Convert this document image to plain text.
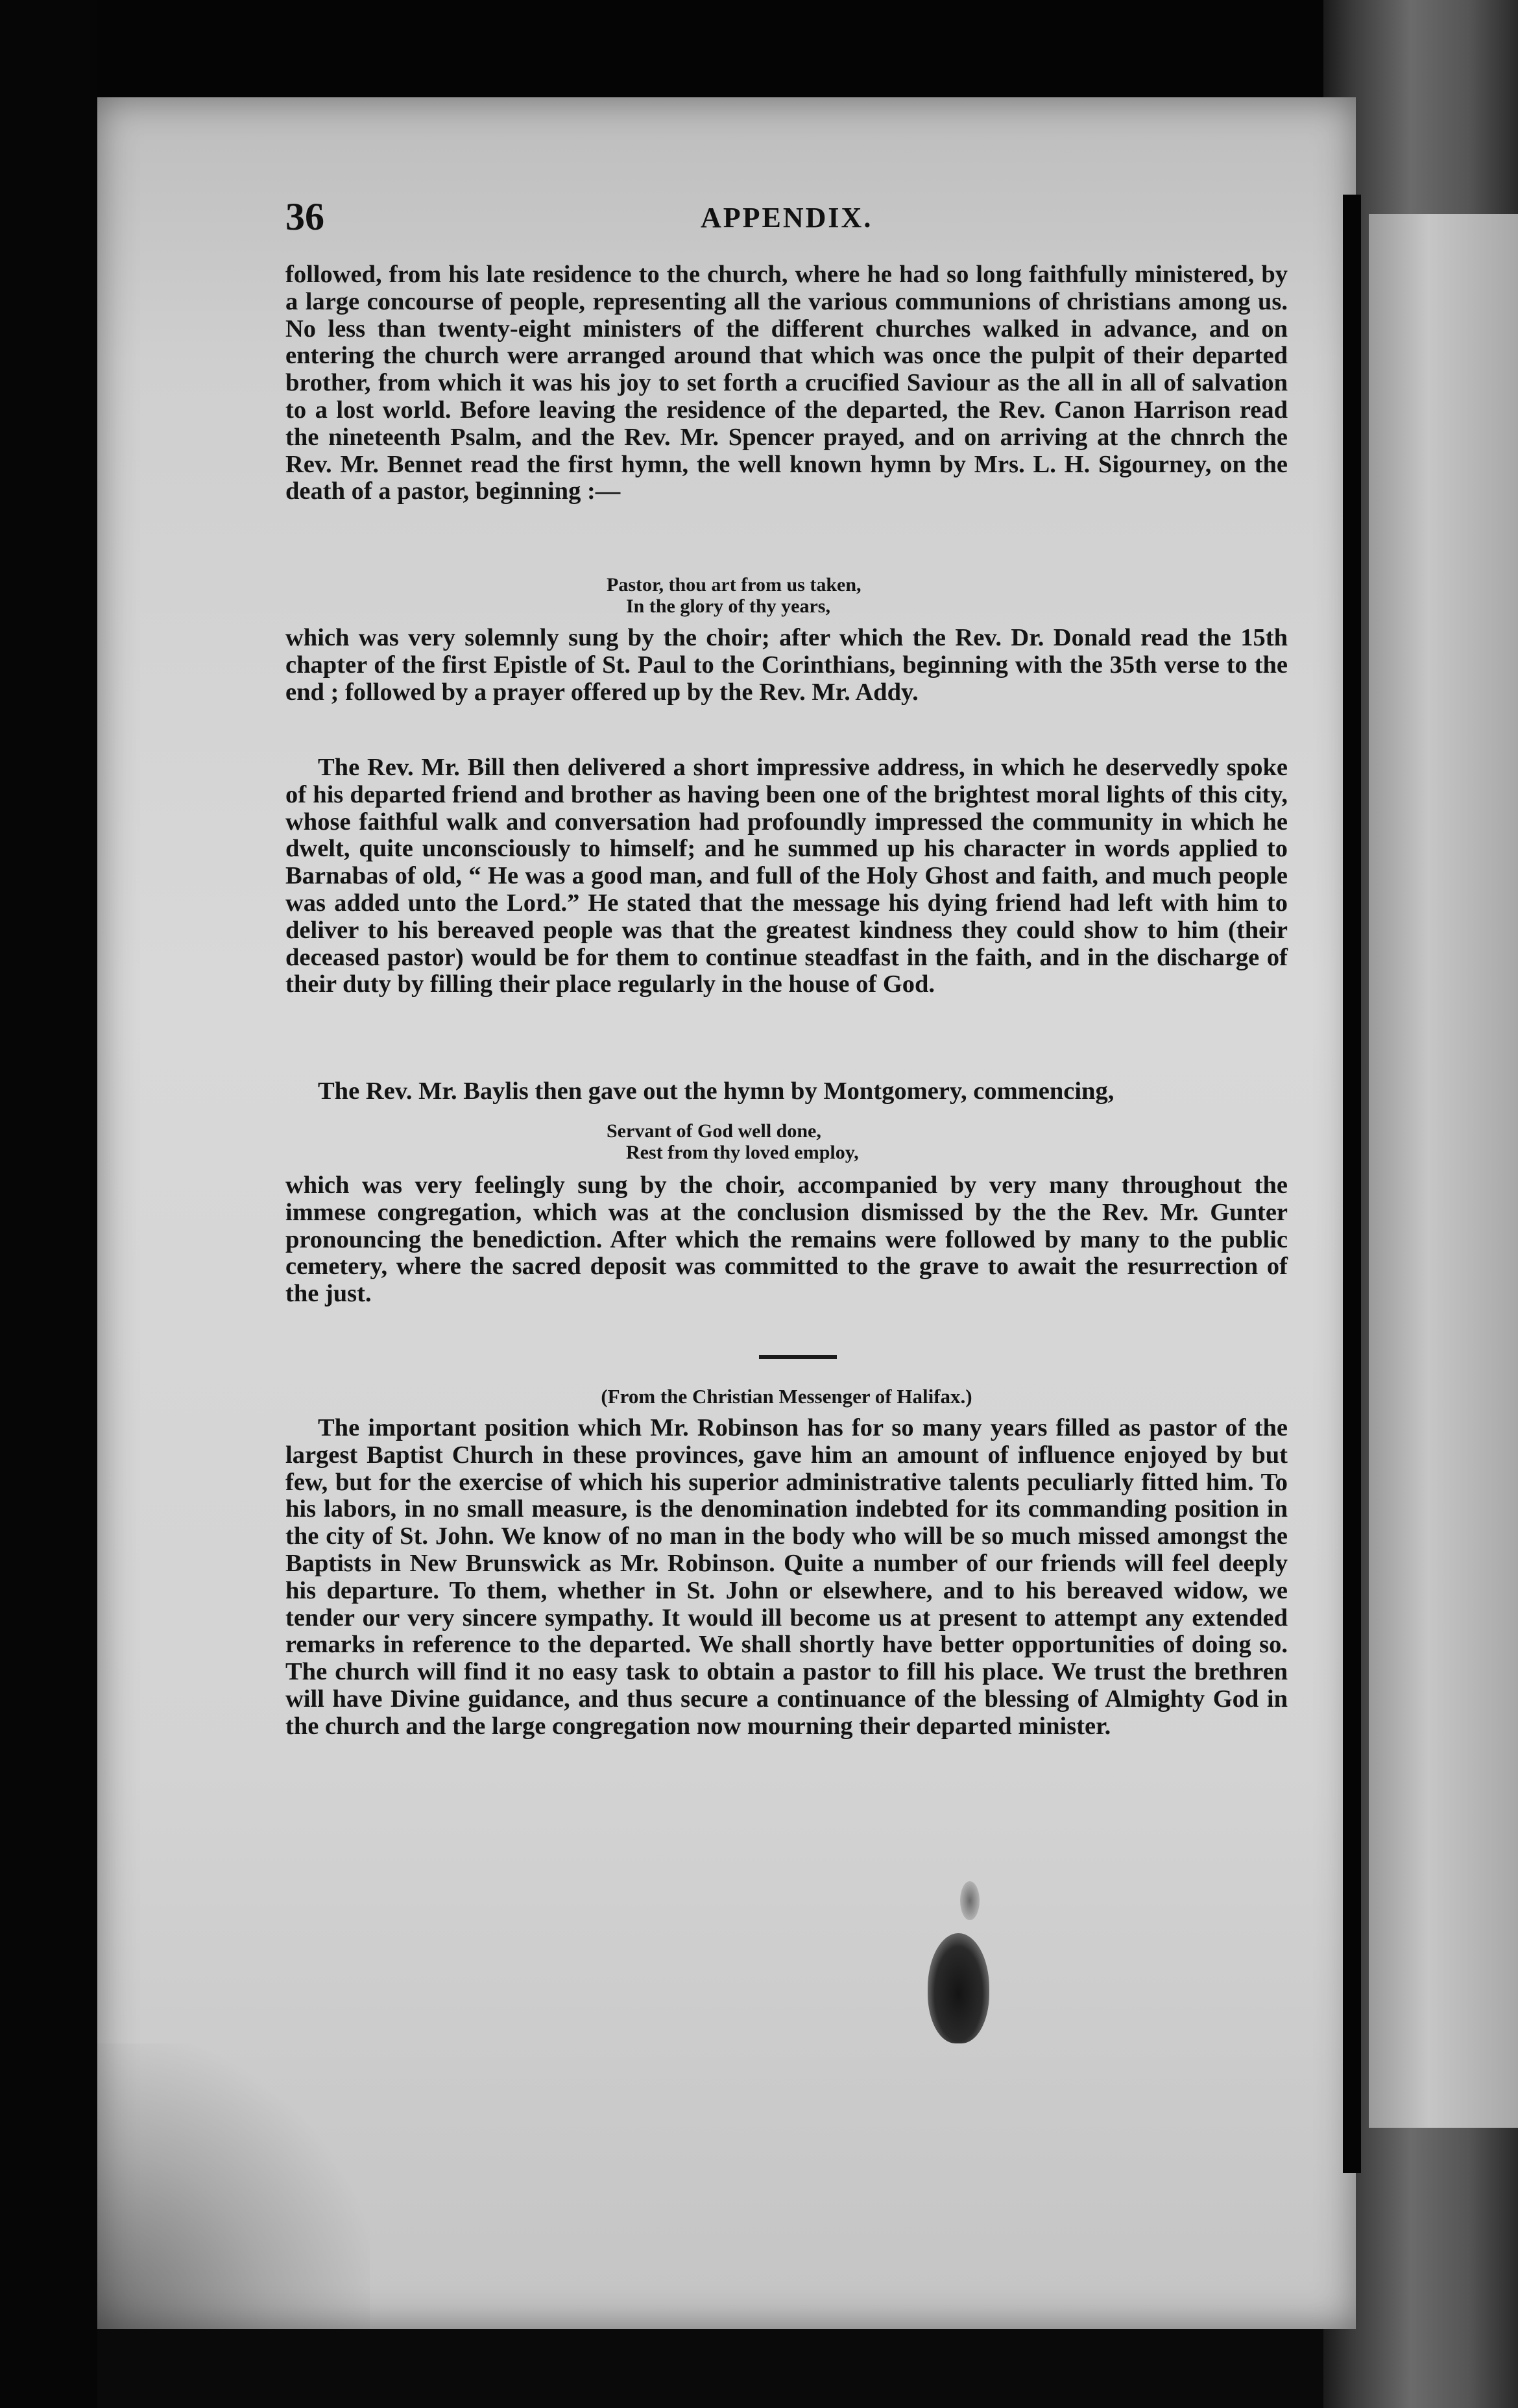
36	APPENDIX.

followed, from his late residence to the church, where he had so long faithfully ministered, by a large concourse of people, representing all the various communions of christians among us. No less than twenty-eight ministers of the different churches walked in advance, and on entering the church were arranged around that which was once the pulpit of their departed brother, from which it was his joy to set forth a crucified Saviour as the all in all of salvation to a lost world. Before leaving the residence of the departed, the Rev. Canon Harrison read the nineteenth Psalm, and the Rev. Mr. Spencer prayed, and on arriving at the chnrch the Rev. Mr. Bennet read the first hymn, the well known hymn by Mrs. L. H. Sigourney, on the death of a pastor, beginning :—

Pastor, thou art from us taken,
In the glory of thy years,

which was very solemnly sung by the choir; after which the Rev. Dr. Donald read the 15th chapter of the first Epistle of St. Paul to the Corinthians, beginning with the 35th verse to the end ; followed by a prayer offered up by the Rev. Mr. Addy.

The Rev. Mr. Bill then delivered a short impressive address, in which he deservedly spoke of his departed friend and brother as having been one of the brightest moral lights of this city, whose faithful walk and conversation had profoundly impressed the community in which he dwelt, quite unconsciously to himself; and he summed up his character in words applied to Barnabas of old, “ He was a good man, and full of the Holy Ghost and faith, and much people was added unto the Lord.” He stated that the message his dying friend had left with him to deliver to his bereaved people was that the greatest kindness they could show to him (their deceased pastor) would be for them to continue steadfast in the faith, and in the discharge of their duty by filling their place regularly in the house of God.

The Rev. Mr. Baylis then gave out the hymn by Montgomery, commencing,

Servant of God well done,
Rest from thy loved employ,

which was very feelingly sung by the choir, accompanied by very many throughout the immese congregation, which was at the conclusion dismissed by the the Rev. Mr. Gunter pronouncing the benediction. After which the remains were followed by many to the public cemetery, where the sacred deposit was committed to the grave to await the resurrection of the just.

(From the Christian Messenger of Halifax.)

The important position which Mr. Robinson has for so many years filled as pastor of the largest Baptist Church in these provinces, gave him an amount of influence enjoyed by but few, but for the exercise of which his superior administrative talents peculiarly fitted him. To his labors, in no small measure, is the denomination indebted for its commanding position in the city of St. John. We know of no man in the body who will be so much missed amongst the Baptists in New Brunswick as Mr. Robinson. Quite a number of our friends will feel deeply his departure. To them, whether in St. John or elsewhere, and to his bereaved widow, we tender our very sincere sympathy. It would ill become us at present to attempt any extended remarks in reference to the departed. We shall shortly have better opportunities of doing so. The church will find it no easy task to obtain a pastor to fill his place. We trust the brethren will have Divine guidance, and thus secure a continuance of the blessing of Almighty God in the church and the large congregation now mourning their departed minister.
